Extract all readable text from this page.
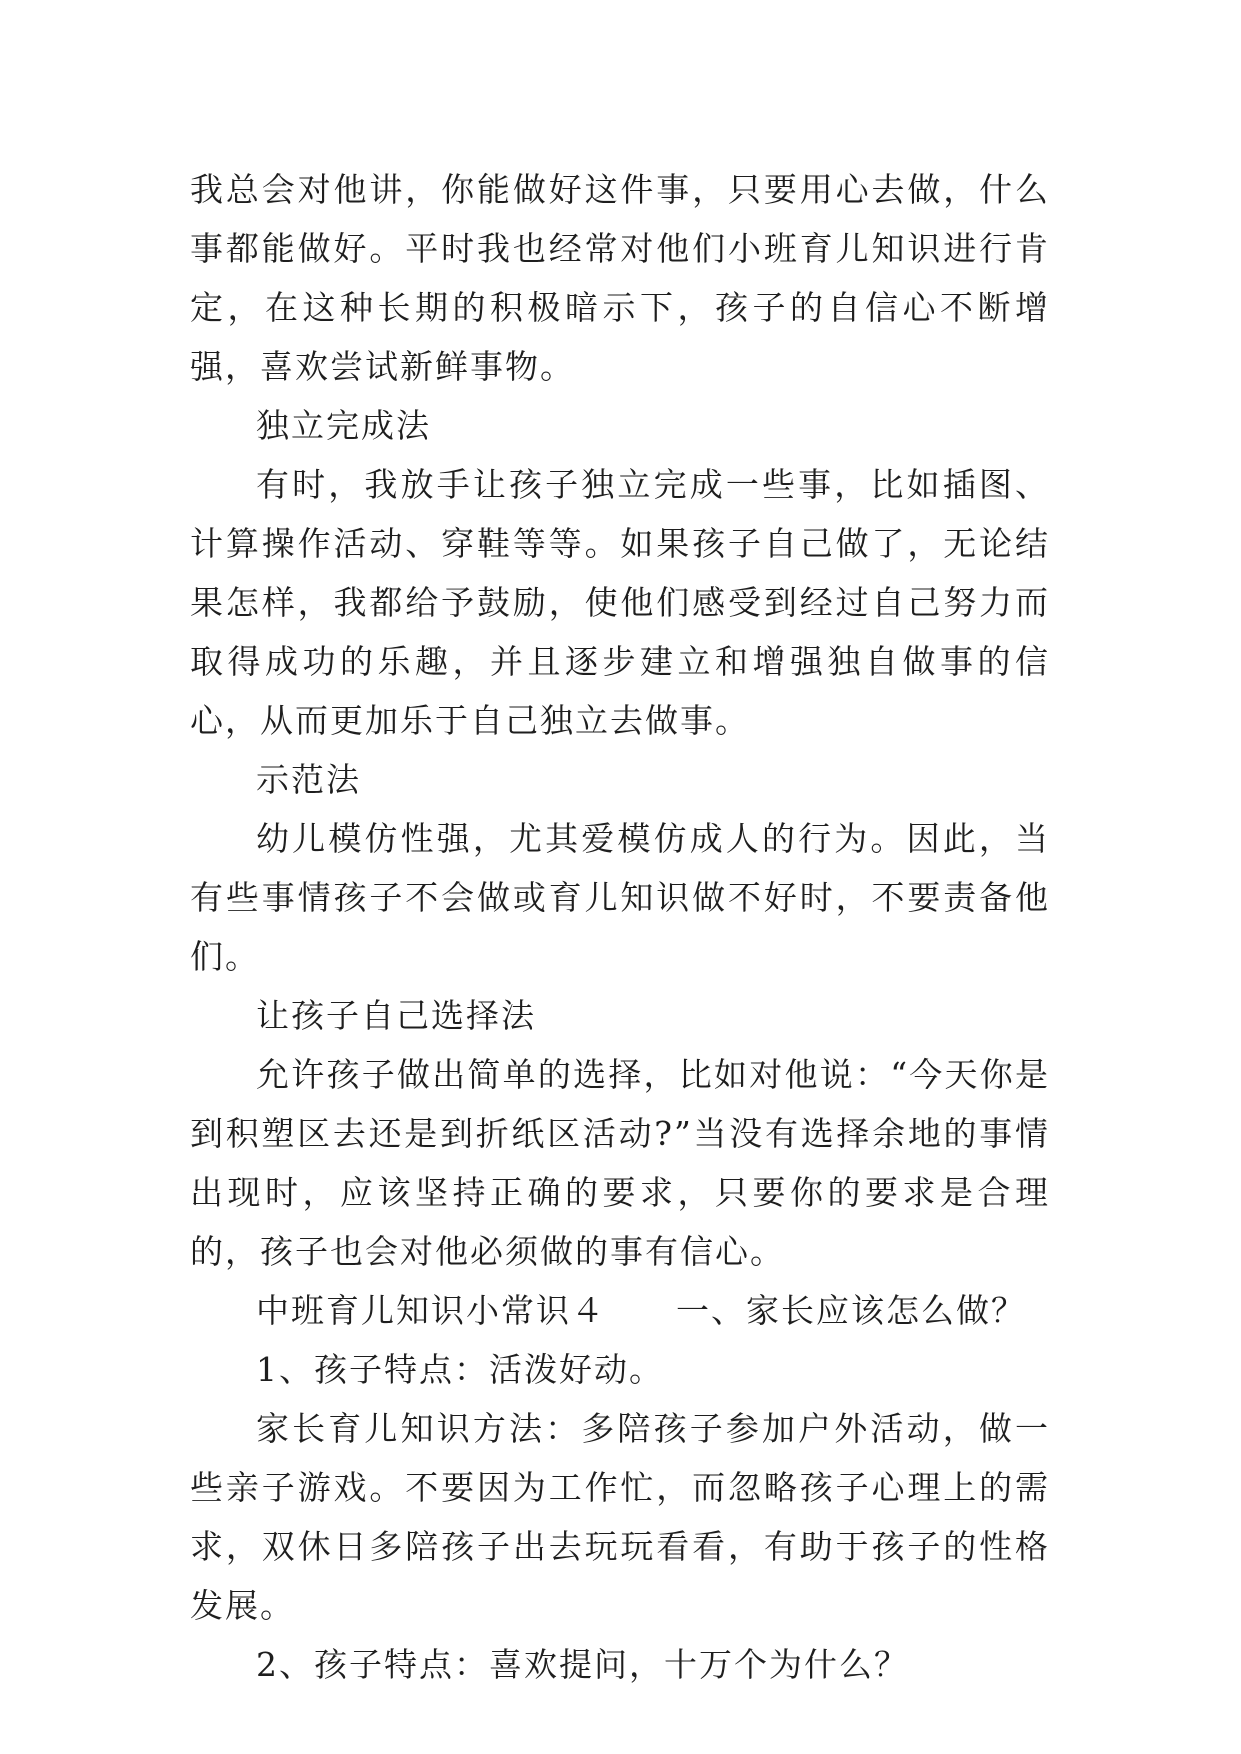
我总会对他讲，你能做好这件事，只要用心去做，什么事都能做好。平时我也经常对他们小班育儿知识进行肯定，在这种长期的积极暗示下，孩子的自信心不断增强，喜欢尝试新鲜事物。

独立完成法

有时，我放手让孩子独立完成一些事，比如插图、计算操作活动、穿鞋等等。如果孩子自己做了，无论结果怎样，我都给予鼓励，使他们感受到经过自己努力而取得成功的乐趣，并且逐步建立和增强独自做事的信心，从而更加乐于自己独立去做事。

示范法

幼儿模仿性强，尤其爱模仿成人的行为。因此，当有些事情孩子不会做或育儿知识做不好时，不要责备他们。

让孩子自己选择法

允许孩子做出简单的选择，比如对他说：“今天你是到积塑区去还是到折纸区活动?”当没有选择余地的事情出现时，应该坚持正确的要求，只要你的要求是合理的，孩子也会对他必须做的事有信心。

中班育儿知识小常识４ 一、家长应该怎么做？

1、孩子特点：活泼好动。

家长育儿知识方法：多陪孩子参加户外活动，做一些亲子游戏。不要因为工作忙，而忽略孩子心理上的需求，双休日多陪孩子出去玩玩看看，有助于孩子的性格发展。

2、孩子特点：喜欢提问，十万个为什么？
